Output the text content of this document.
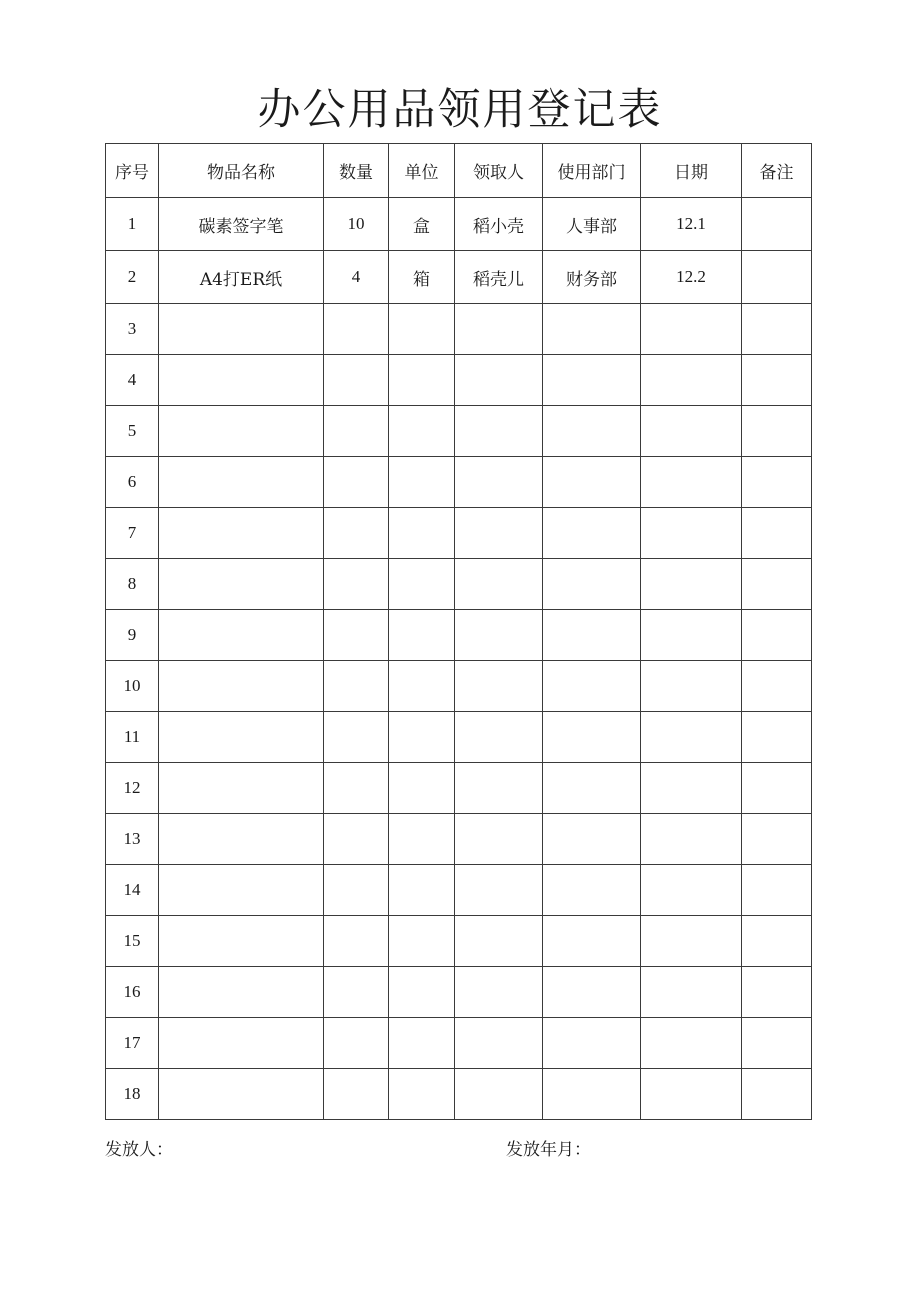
办公用品领用登记表
序号	物品名称	数量	单位	领取人	使用部门	日期	备注
1	碳素签字笔	10	盒	稻小壳	人事部	12.1	
2	A4打ER纸	4	箱	稻壳儿	财务部	12.2	
3							
4							
5							
6							
7							
8							
9							
10							
11							
12							
13							
14							
15							
16							
17							
18							
发放人：	发放年月：
